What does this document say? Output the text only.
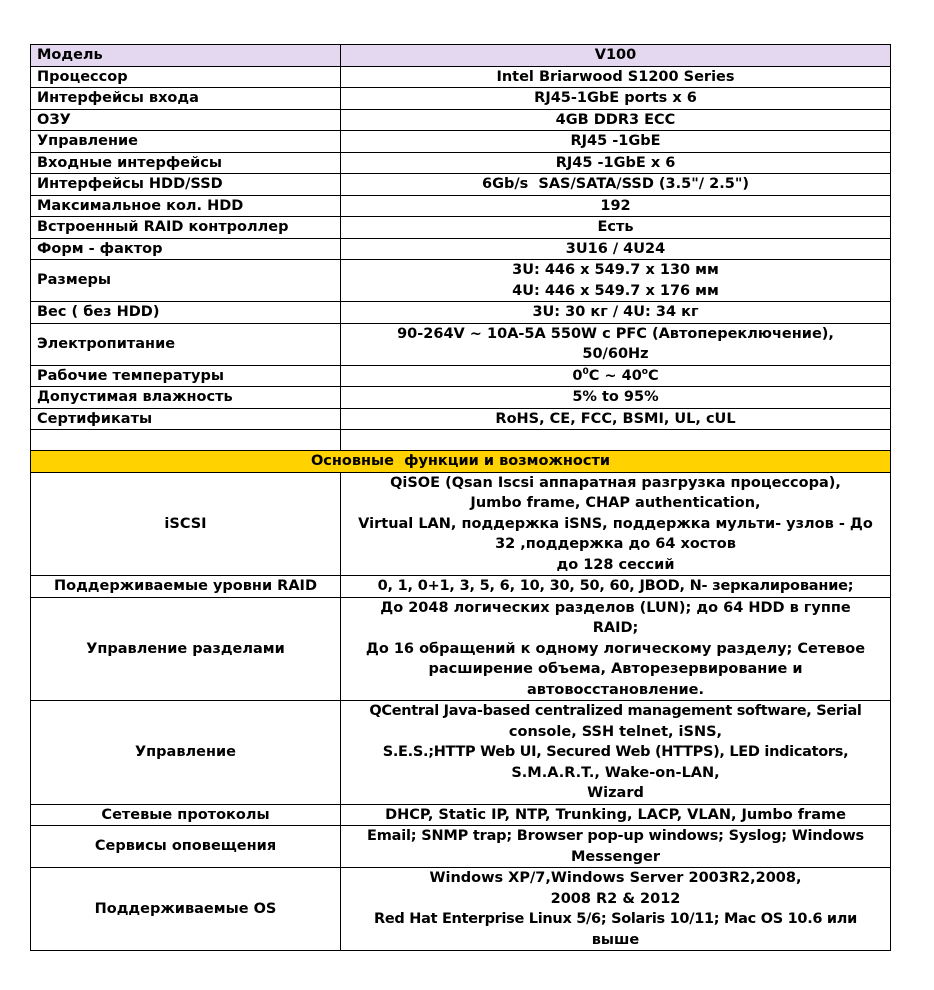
Модель	V100
Процессор	Intel Briarwood S1200 Series
Интерфейсы входа	RJ45-1GbE ports x 6
ОЗУ	4GB DDR3 ECC
Управление	RJ45 -1GbE
Входные интерфейсы	RJ45 -1GbE x 6
Интерфейсы HDD/SSD	6Gb/s  SAS/SATA/SSD (3.5"/ 2.5")
Максимальное кол. HDD	192
Встроенный RAID контроллер	Есть
Форм - фактор	3U16 / 4U24
Размеры	3U: 446 x 549.7 x 130 мм
4U: 446 x 549.7 x 176 мм

Вес ( без HDD)	3U: 30 кг / 4U: 34 кг
Электропитание	90-264V ~ 10A-5A 550W с PFC (Автопереключение),
50/60Hz

Рабочие температуры	$0^0C$ ~ 40$^o$C
Допустимая влажность	5% to 95%
Сертификаты	RoHS, CE, FCC, BSMI, UL, cUL

Основные  функции и возможности	
iSCSI	QiSOE (Qsan Iscsi аппаратная разгрузка процессора),
Jumbo frame, CHAP authentication,
Virtual LAN, поддержка iSNS, поддержка мульти- узлов - До
32 ,поддержка до 64 хостов
до 128 сессий

Поддерживаемые уровни RAID	0, 1, 0+1, 3, 5, 6, 10, 30, 50, 60, JBOD, N- зеркалирование;
Управление разделами	До 2048 логических разделов (LUN); до 64 HDD в гуппе
RAID;
До 16 обращений к одному логическому разделу; Сетевое
расширение объема, Авторезервирование и
автовосстановление.

Управление	QCentral Java-based centralized management software, Serial
console, SSH telnet, iSNS,
S.E.S.;HTTP Web UI, Secured Web (HTTPS), LED indicators,
S.M.A.R.T., Wake-on-LAN,
Wizard

Сетевые протоколы	DHCP, Static IP, NTP, Trunking, LACP, VLAN, Jumbo frame
Сервисы оповещения	Email; SNMP trap; Browser pop-up windows; Syslog; Windows
Messenger

Поддерживаемые OS	Windows XP/7,Windows Server 2003R2,2008,
2008 R2 & 2012
Red Hat Enterprise Linux 5/6; Solaris 10/11; Mac OS 10.6 или
выше
